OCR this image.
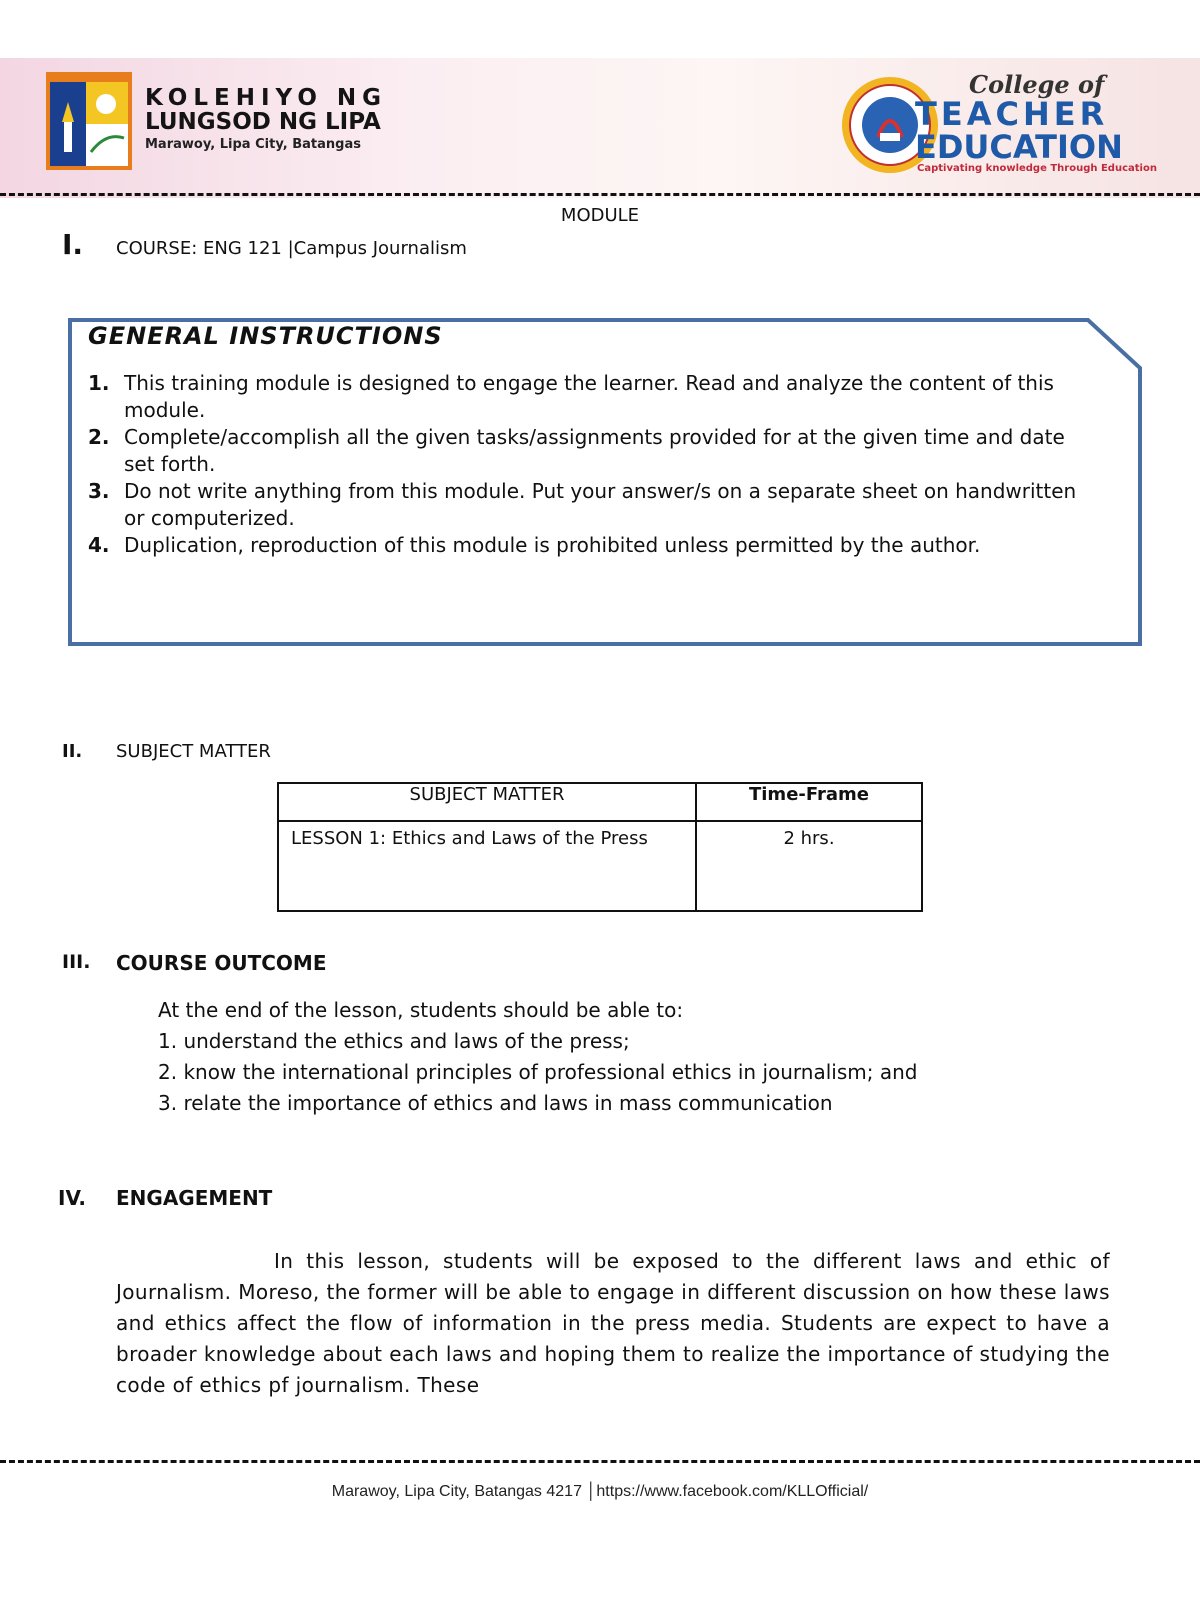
KOLEHIYO NG
LUNGSOD NG LIPA
Marawoy, Lipa City, Batangas
College of
TEACHER
EDUCATION
Captivating knowledge Through Education
MODULE
I. COURSE: ENG 121 |Campus Journalism
GENERAL INSTRUCTIONS
1. This training module is designed to engage the learner. Read and analyze the content of this module.
2. Complete/accomplish all the given tasks/assignments provided for at the given time and date set forth.
3. Do not write anything from this module. Put your answer/s on a separate sheet on handwritten or computerized.
4. Duplication, reproduction of this module is prohibited unless permitted by the author.
II. SUBJECT MATTER
SUBJECT MATTER	Time-Frame
LESSON 1: Ethics and Laws of the Press	2 hrs.
III. COURSE OUTCOME
At the end of the lesson, students should be able to:
1. understand the ethics and laws of the press;
2. know the international principles of professional ethics in journalism; and
3. relate the importance of ethics and laws in mass communication
IV. ENGAGEMENT
In this lesson, students will be exposed to the different laws and ethic of Journalism. Moreso, the former will be able to engage in different discussion on how these laws and ethics affect the flow of information in the press media. Students are expect to have a broader knowledge about each laws and hoping them to realize the importance of studying the code of ethics pf journalism. These
Marawoy, Lipa City, Batangas 4217 │https://www.facebook.com/KLLOfficial/
